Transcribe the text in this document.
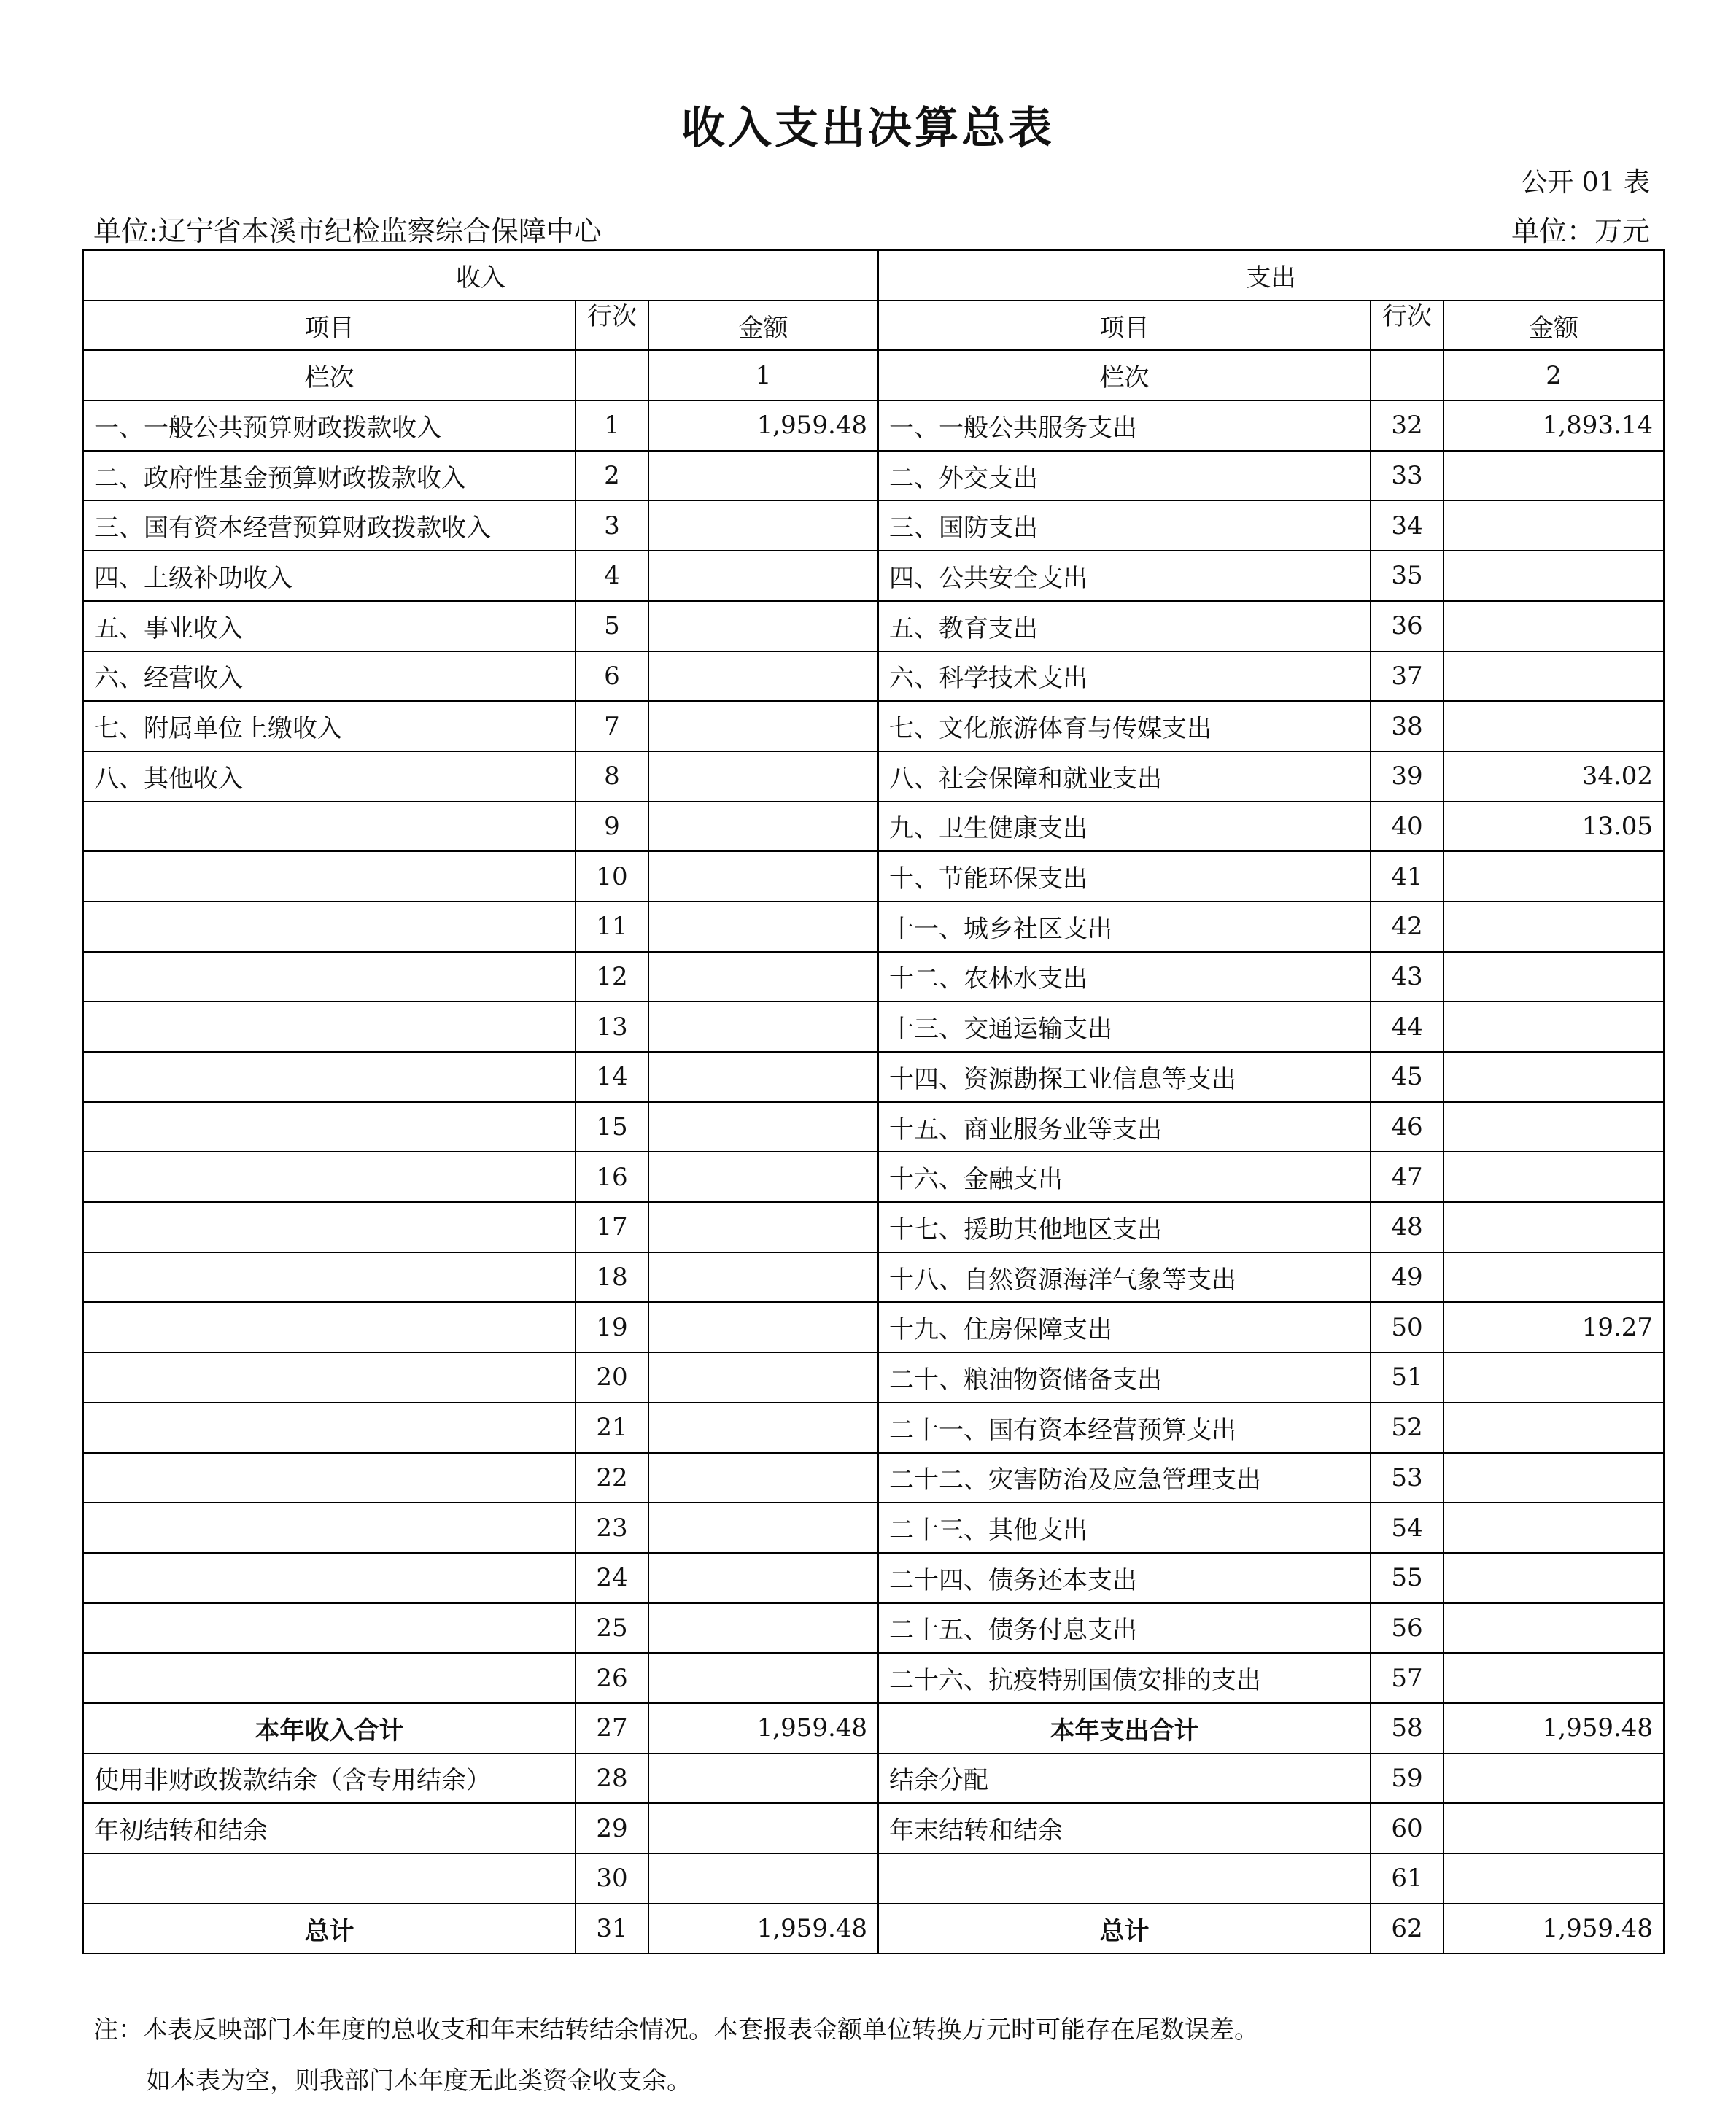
收入支出决算总表
公开 01 表
单位:辽宁省本溪市纪检监察综合保障中心	单位：万元
收入			支出		
项目	行次	金额	项目	行次	金额
栏次		1	栏次		2
一、一般公共预算财政拨款收入	1	1,959.48	一、一般公共服务支出	32	1,893.14
二、政府性基金预算财政拨款收入	2		二、外交支出	33	
三、国有资本经营预算财政拨款收入	3		三、国防支出	34	
四、上级补助收入	4		四、公共安全支出	35	
五、事业收入	5		五、教育支出	36	
六、经营收入	6		六、科学技术支出	37	
七、附属单位上缴收入	7		七、文化旅游体育与传媒支出	38	
八、其他收入	8		八、社会保障和就业支出	39	34.02
	9		九、卫生健康支出	40	13.05
	10		十、节能环保支出	41	
	11		十一、城乡社区支出	42	
	12		十二、农林水支出	43	
	13		十三、交通运输支出	44	
	14		十四、资源勘探工业信息等支出	45	
	15		十五、商业服务业等支出	46	
	16		十六、金融支出	47	
	17		十七、援助其他地区支出	48	
	18		十八、自然资源海洋气象等支出	49	
	19		十九、住房保障支出	50	19.27
	20		二十、粮油物资储备支出	51	
	21		二十一、国有资本经营预算支出	52	
	22		二十二、灾害防治及应急管理支出	53	
	23		二十三、其他支出	54	
	24		二十四、债务还本支出	55	
	25		二十五、债务付息支出	56	
	26		二十六、抗疫特别国债安排的支出	57	
本年收入合计	27	1,959.48	本年支出合计	58	1,959.48
使用非财政拨款结余（含专用结余）	28		结余分配	59	
年初结转和结余	29		年末结转和结余	60	
	30			61	
总计	31	1,959.48	总计	62	1,959.48
注：本表反映部门本年度的总收支和年末结转结余情况。本套报表金额单位转换万元时可能存在尾数误差。
如本表为空，则我部门本年度无此类资金收支余。
